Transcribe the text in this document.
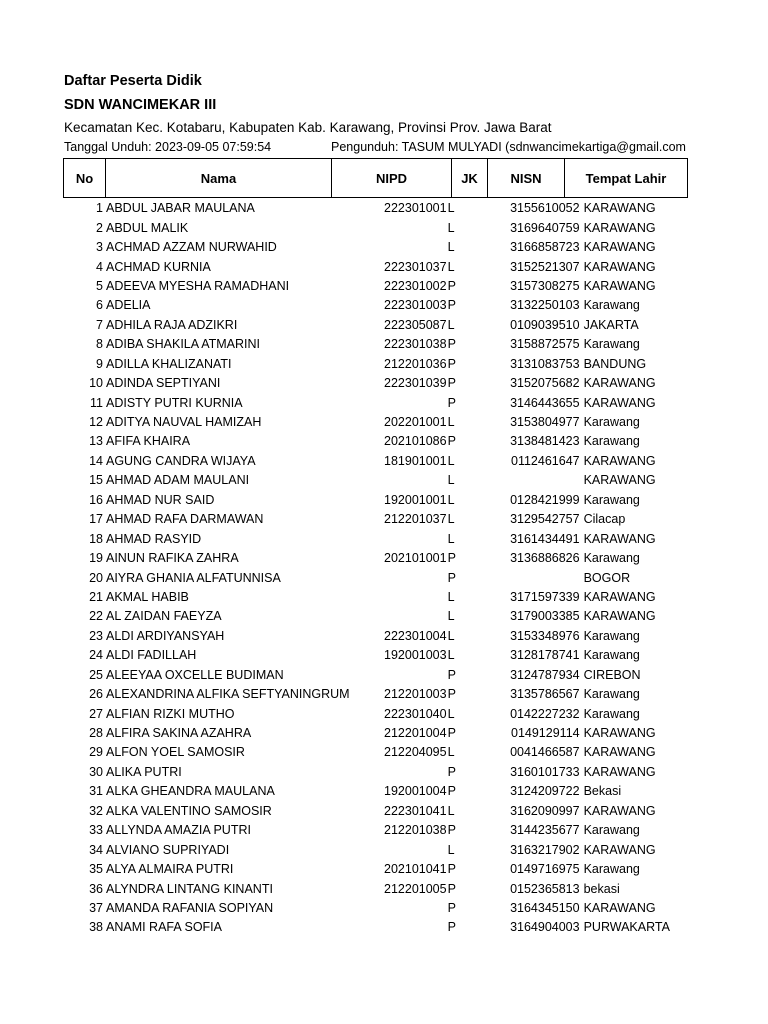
Daftar Peserta Didik
SDN WANCIMEKAR III
Kecamatan Kec. Kotabaru, Kabupaten Kab. Karawang, Provinsi Prov. Jawa Barat
Tanggal Unduh: 2023-09-05 07:59:54	Pengunduh: TASUM MULYADI (sdnwancimekartiga@gmail.com
No	Nama	NIPD	JK	NISN	Tempat Lahir
1	ABDUL JABAR MAULANA	222301001	L	3155610052	KARAWANG
2	ABDUL MALIK		L	3169640759	KARAWANG
3	ACHMAD AZZAM NURWAHID		L	3166858723	KARAWANG
4	ACHMAD KURNIA	222301037	L	3152521307	KARAWANG
5	ADEEVA MYESHA RAMADHANI	222301002	P	3157308275	KARAWANG
6	ADELIA	222301003	P	3132250103	Karawang
7	ADHILA RAJA ADZIKRI	222305087	L	0109039510	JAKARTA
8	ADIBA SHAKILA ATMARINI	222301038	P	3158872575	Karawang
9	ADILLA KHALIZANATI	212201036	P	3131083753	BANDUNG
10	ADINDA SEPTIYANI	222301039	P	3152075682	KARAWANG
11	ADISTY PUTRI KURNIA		P	3146443655	KARAWANG
12	ADITYA NAUVAL HAMIZAH	202201001	L	3153804977	Karawang
13	AFIFA KHAIRA	202101086	P	3138481423	Karawang
14	AGUNG CANDRA WIJAYA	181901001	L	0112461647	KARAWANG
15	AHMAD ADAM MAULANI		L		KARAWANG
16	AHMAD NUR SAID	192001001	L	0128421999	Karawang
17	AHMAD RAFA DARMAWAN	212201037	L	3129542757	Cilacap
18	AHMAD RASYID		L	3161434491	KARAWANG
19	AINUN RAFIKA ZAHRA	202101001	P	3136886826	Karawang
20	AIYRA GHANIA ALFATUNNISA		P		BOGOR
21	AKMAL HABIB		L	3171597339	KARAWANG
22	AL ZAIDAN FAEYZA		L	3179003385	KARAWANG
23	ALDI ARDIYANSYAH	222301004	L	3153348976	Karawang
24	ALDI FADILLAH	192001003	L	3128178741	Karawang
25	ALEEYAA OXCELLE BUDIMAN		P	3124787934	CIREBON
26	ALEXANDRINA ALFIKA SEFTYANINGRUM	212201003	P	3135786567	Karawang
27	ALFIAN RIZKI MUTHO	222301040	L	0142227232	Karawang
28	ALFIRA SAKINA AZAHRA	212201004	P	0149129114	KARAWANG
29	ALFON YOEL SAMOSIR	212204095	L	0041466587	KARAWANG
30	ALIKA PUTRI		P	3160101733	KARAWANG
31	ALKA GHEANDRA MAULANA	192001004	P	3124209722	Bekasi
32	ALKA VALENTINO SAMOSIR	222301041	L	3162090997	KARAWANG
33	ALLYNDA AMAZIA PUTRI	212201038	P	3144235677	Karawang
34	ALVIANO SUPRIYADI		L	3163217902	KARAWANG
35	ALYA ALMAIRA PUTRI	202101041	P	0149716975	Karawang
36	ALYNDRA LINTANG KINANTI	212201005	P	0152365813	bekasi
37	AMANDA RAFANIA SOPIYAN		P	3164345150	KARAWANG
38	ANAMI RAFA SOFIA		P	3164904003	PURWAKARTA
